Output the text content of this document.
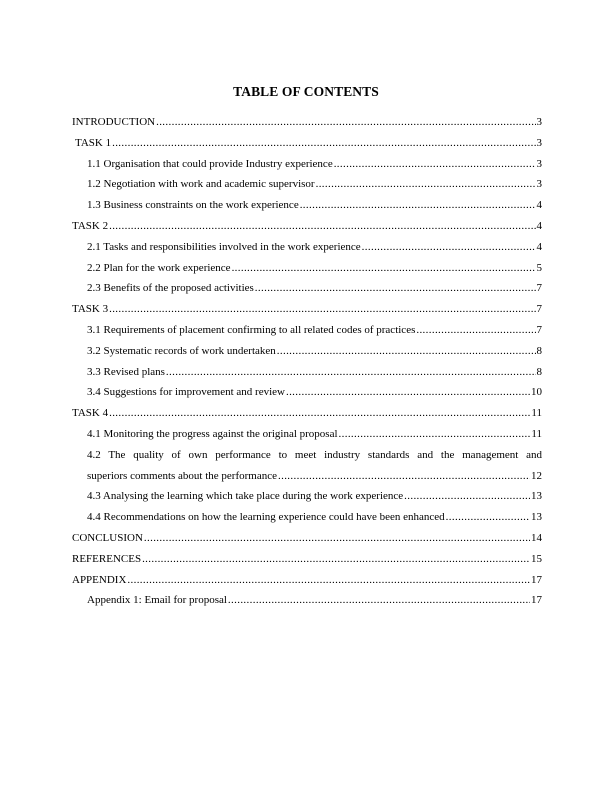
TABLE OF CONTENTS
INTRODUCTION .....	3
TASK 1 .....	3
1.1 Organisation that could provide Industry experience .....	3
1.2 Negotiation with work and academic supervisor .....	3
1.3 Business constraints on the work experience .....	4
TASK 2 .....	4
2.1 Tasks and responsibilities involved in the work experience .....	4
2.2 Plan for the work experience .....	5
2.3 Benefits of the proposed activities .....	7
TASK 3 .....	7
3.1 Requirements of placement confirming to all related codes of practices .....	7
3.2 Systematic records of work undertaken .....	8
3.3 Revised plans .....	8
3.4 Suggestions for improvement and review .....	10
TASK 4 .....	11
4.1 Monitoring the progress against the original proposal .....	11
4.2 The quality of own performance to meet industry standards and the management and
superiors comments about the performance .....	12
4.3 Analysing the learning which take place during the work experience .....	13
4.4 Recommendations on how the learning experience could have been enhanced .....	13
CONCLUSION .....	14
REFERENCES .....	15
APPENDIX .....	17
Appendix 1: Email for proposal .....	17
